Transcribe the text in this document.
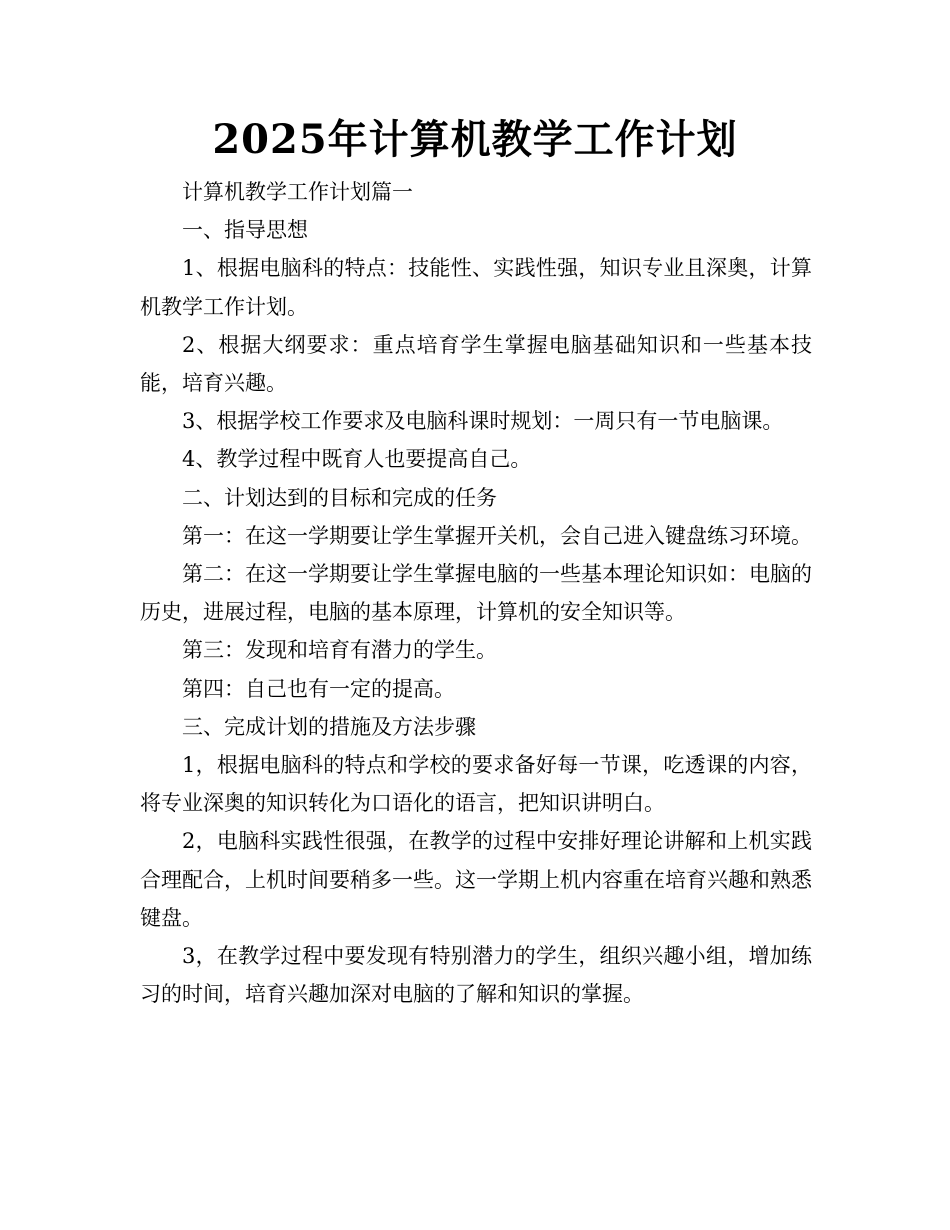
2025年计算机教学工作计划

计算机教学工作计划篇一

一、指导思想

1、根据电脑科的特点：技能性、实践性强，知识专业且深奥，计算机教学工作计划。

2、根据大纲要求：重点培育学生掌握电脑基础知识和一些基本技能，培育兴趣。

3、根据学校工作要求及电脑科课时规划：一周只有一节电脑课。

4、教学过程中既育人也要提高自己。

二、计划达到的目标和完成的任务

第一：在这一学期要让学生掌握开关机，会自己进入键盘练习环境。

第二：在这一学期要让学生掌握电脑的一些基本理论知识如：电脑的历史，进展过程，电脑的基本原理，计算机的安全知识等。

第三：发现和培育有潜力的学生。

第四：自己也有一定的提高。

三、完成计划的措施及方法步骤

1，根据电脑科的特点和学校的要求备好每一节课，吃透课的内容，将专业深奥的知识转化为口语化的语言，把知识讲明白。

2，电脑科实践性很强，在教学的过程中安排好理论讲解和上机实践合理配合，上机时间要稍多一些。这一学期上机内容重在培育兴趣和熟悉键盘。

3，在教学过程中要发现有特别潜力的学生，组织兴趣小组，增加练习的时间，培育兴趣加深对电脑的了解和知识的掌握。
